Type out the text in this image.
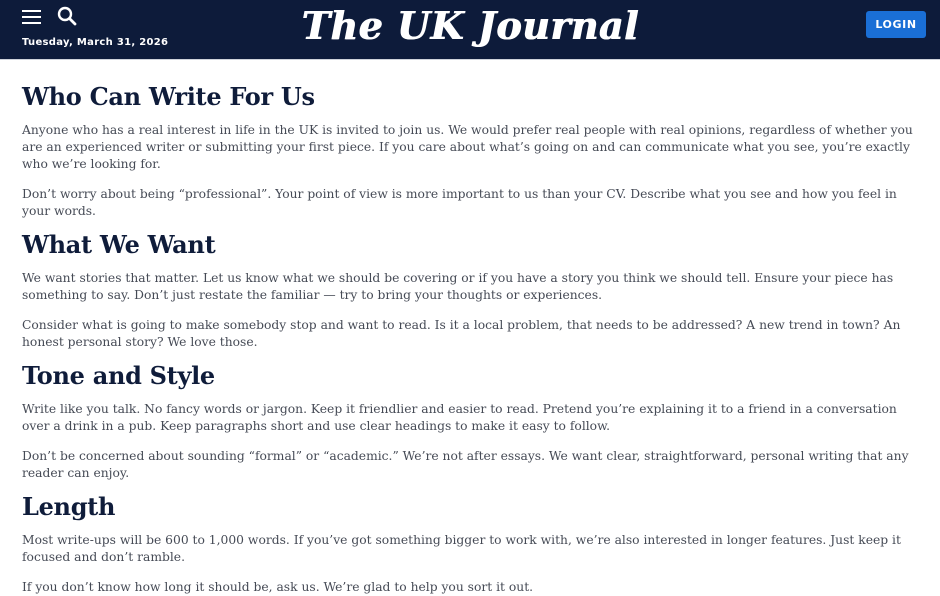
Tuesday, March 31, 2026	The UK Journal	LOGIN
Who Can Write For Us

Anyone who has a real interest in life in the UK is invited to join us. We would prefer real people with real opinions, regardless of whether you are an experienced writer or submitting your first piece. If you care about what’s going on and can communicate what you see, you’re exactly who we’re looking for.

Don’t worry about being “professional”. Your point of view is more important to us than your CV. Describe what you see and how you feel in your words.

What We Want

We want stories that matter. Let us know what we should be covering or if you have a story you think we should tell. Ensure your piece has something to say. Don’t just restate the familiar — try to bring your thoughts or experiences.

Consider what is going to make somebody stop and want to read. Is it a local problem, that needs to be addressed? A new trend in town? An honest personal story? We love those.

Tone and Style

Write like you talk. No fancy words or jargon. Keep it friendlier and easier to read. Pretend you’re explaining it to a friend in a conversation over a drink in a pub. Keep paragraphs short and use clear headings to make it easy to follow.

Don’t be concerned about sounding “formal” or “academic.” We’re not after essays. We want clear, straightforward, personal writing that any reader can enjoy.

Length

Most write-ups will be 600 to 1,000 words. If you’ve got something bigger to work with, we’re also interested in longer features. Just keep it focused and don’t ramble.

If you don’t know how long it should be, ask us. We’re glad to help you sort it out.
